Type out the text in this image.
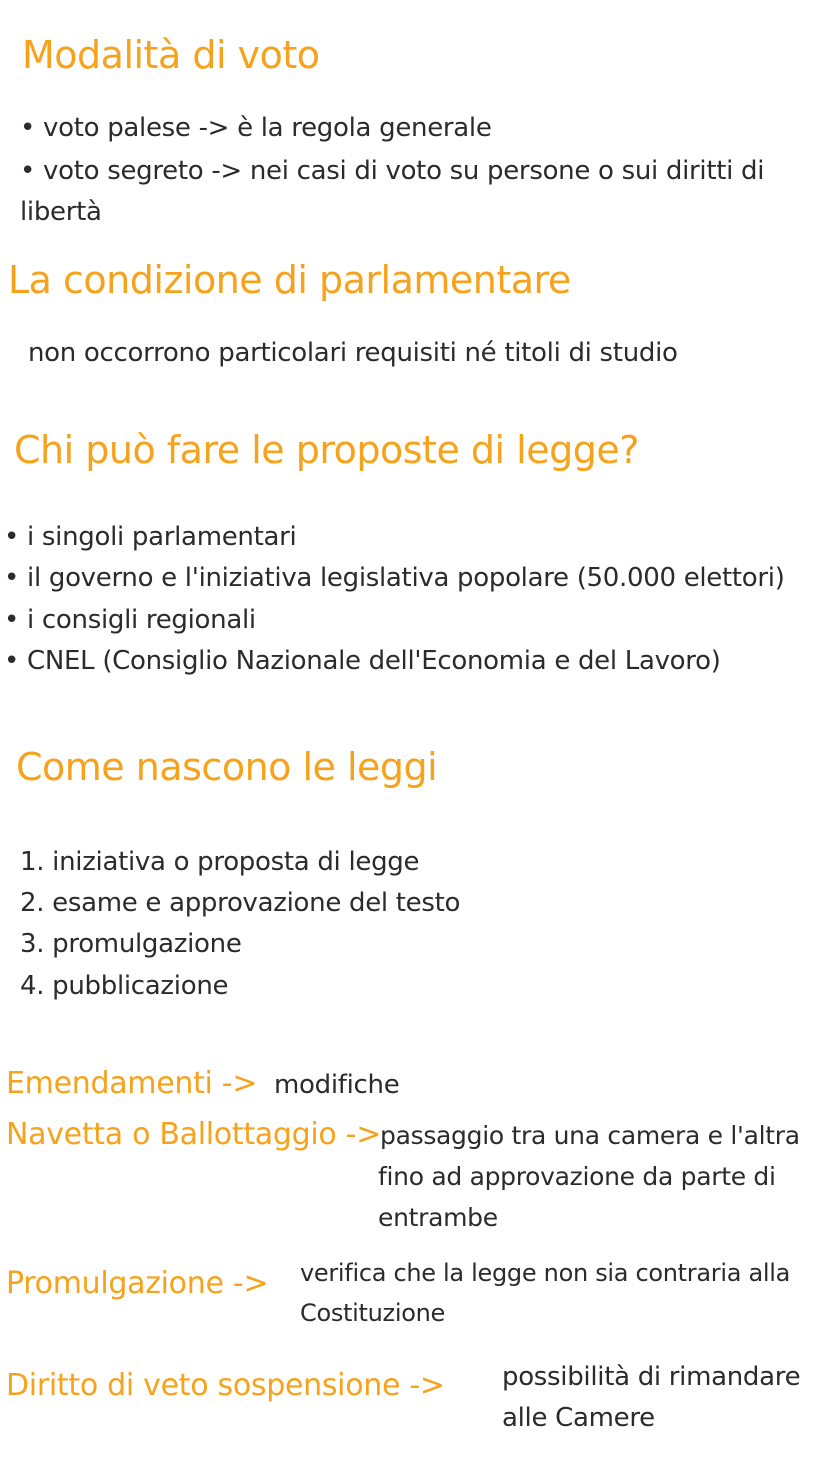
Modalità di voto
• voto palese -> è la regola generale
• voto segreto -> nei casi di voto su persone o sui diritti di
libertà
La condizione di parlamentare
non occorrono particolari requisiti né titoli di studio
Chi può fare le proposte di legge?
• i singoli parlamentari
• il governo e l'iniziativa legislativa popolare (50.000 elettori)
• i consigli regionali
• CNEL (Consiglio Nazionale dell'Economia e del Lavoro)
Come nascono le leggi
1. iniziativa o proposta di legge
2. esame e approvazione del testo
3. promulgazione
4. pubblicazione
Emendamenti -> modifiche
Navetta o Ballottaggio ->
passaggio tra una camera e l'altra
fino ad approvazione da parte di
entrambe
Promulgazione -> verifica che la legge non sia contraria alla
Costituzione
Diritto di veto sospensione -> possibilità di rimandare
alle Camere
